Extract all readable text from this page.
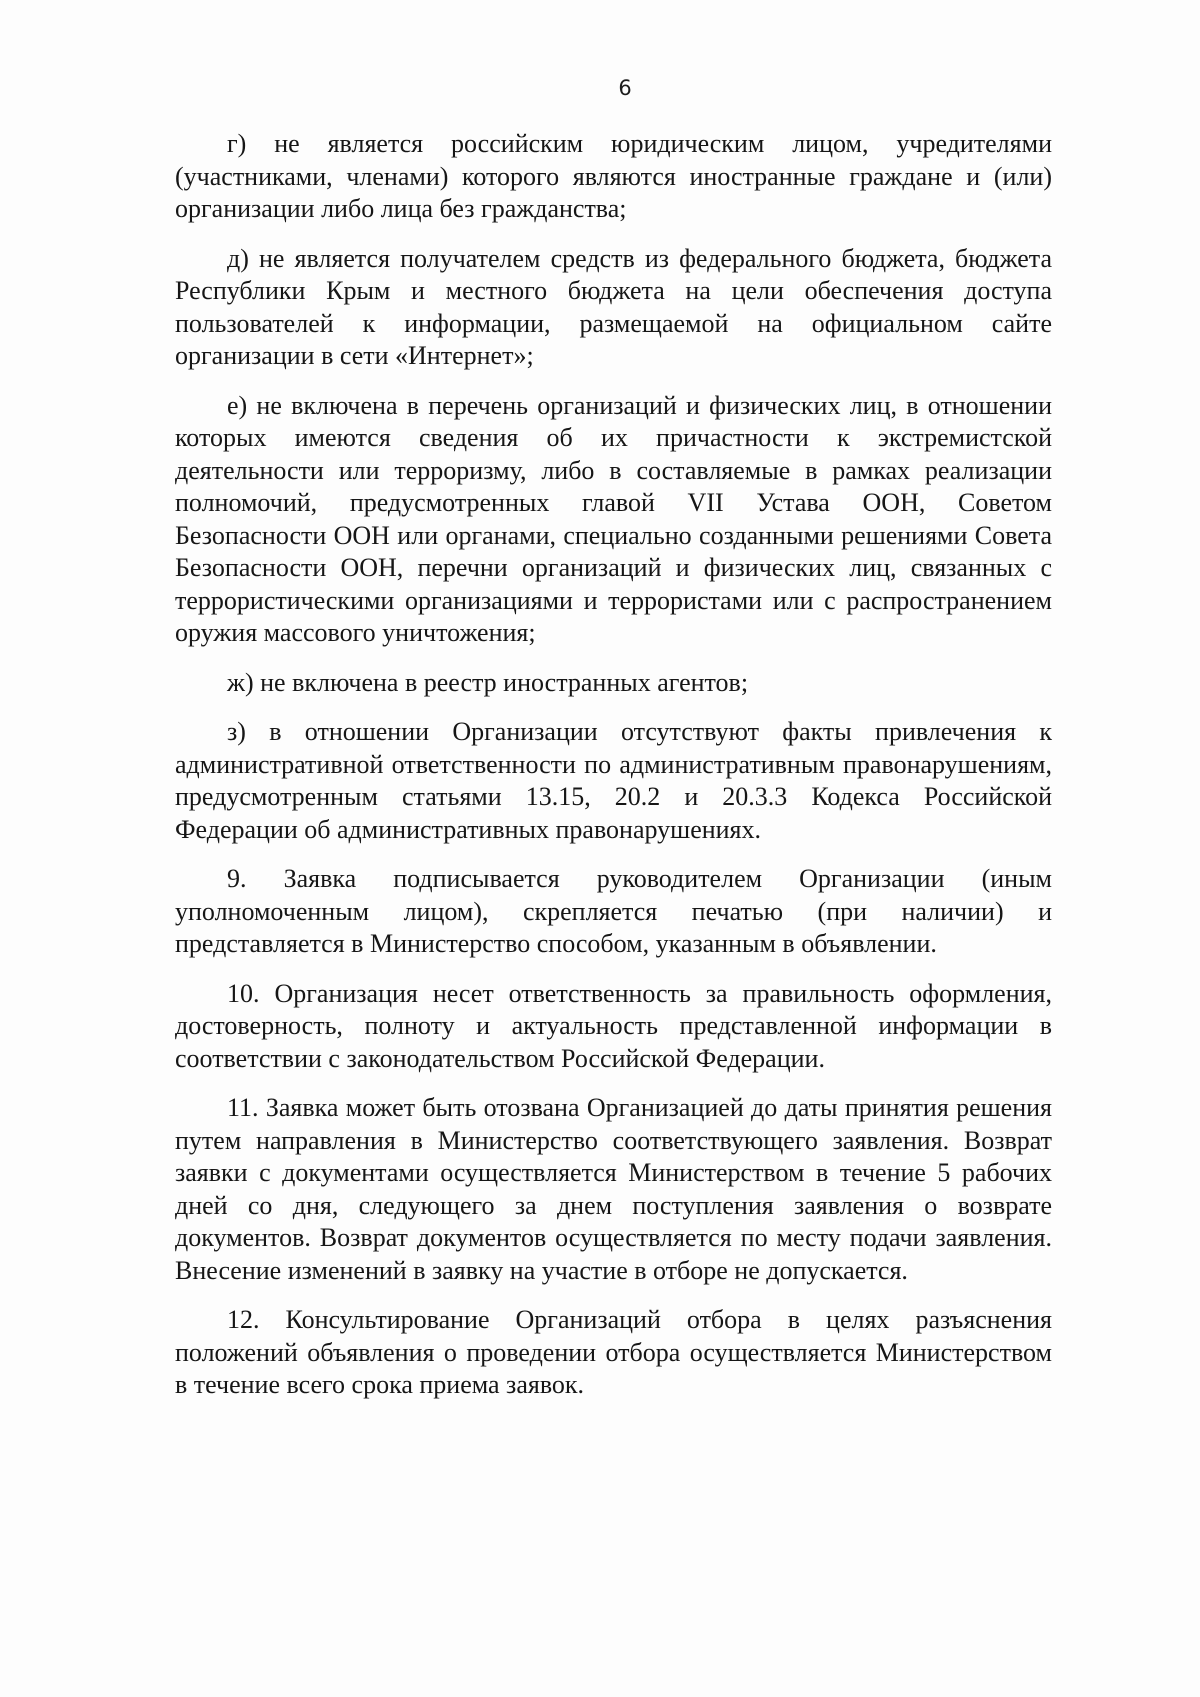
6

г) не является российским юридическим лицом, учредителями (участниками, членами) которого являются иностранные граждане и (или) организации либо лица без гражданства;

д) не является получателем средств из федерального бюджета, бюджета Республики Крым и местного бюджета на цели обеспечения доступа пользователей к информации, размещаемой на официальном сайте организации в сети «Интернет»;

е) не включена в перечень организаций и физических лиц, в отношении которых имеются сведения об их причастности к экстремистской деятельности или терроризму, либо в составляемые в рамках реализации полномочий, предусмотренных главой VII Устава ООН, Советом Безопасности ООН или органами, специально созданными решениями Совета Безопасности ООН, перечни организаций и физических лиц, связанных с террористическими организациями и террористами или с распространением оружия массового уничтожения;

ж) не включена в реестр иностранных агентов;

з) в отношении Организации отсутствуют факты привлечения к административной ответственности по административным правонарушениям, предусмотренным статьями 13.15, 20.2 и 20.3.3 Кодекса Российской Федерации об административных правонарушениях.

9. Заявка подписывается руководителем Организации (иным уполномоченным лицом), скрепляется печатью (при наличии) и представляется в Министерство способом, указанным в объявлении.

10. Организация несет ответственность за правильность оформления, достоверность, полноту и актуальность представленной информации в соответствии с законодательством Российской Федерации.

11. Заявка может быть отозвана Организацией до даты принятия решения путем направления в Министерство соответствующего заявления. Возврат заявки с документами осуществляется Министерством в течение 5 рабочих дней со дня, следующего за днем поступления заявления о возврате документов. Возврат документов осуществляется по месту подачи заявления. Внесение изменений в заявку на участие в отборе не допускается.

12. Консультирование Организаций отбора в целях разъяснения положений объявления о проведении отбора осуществляется Министерством в течение всего срока приема заявок.
